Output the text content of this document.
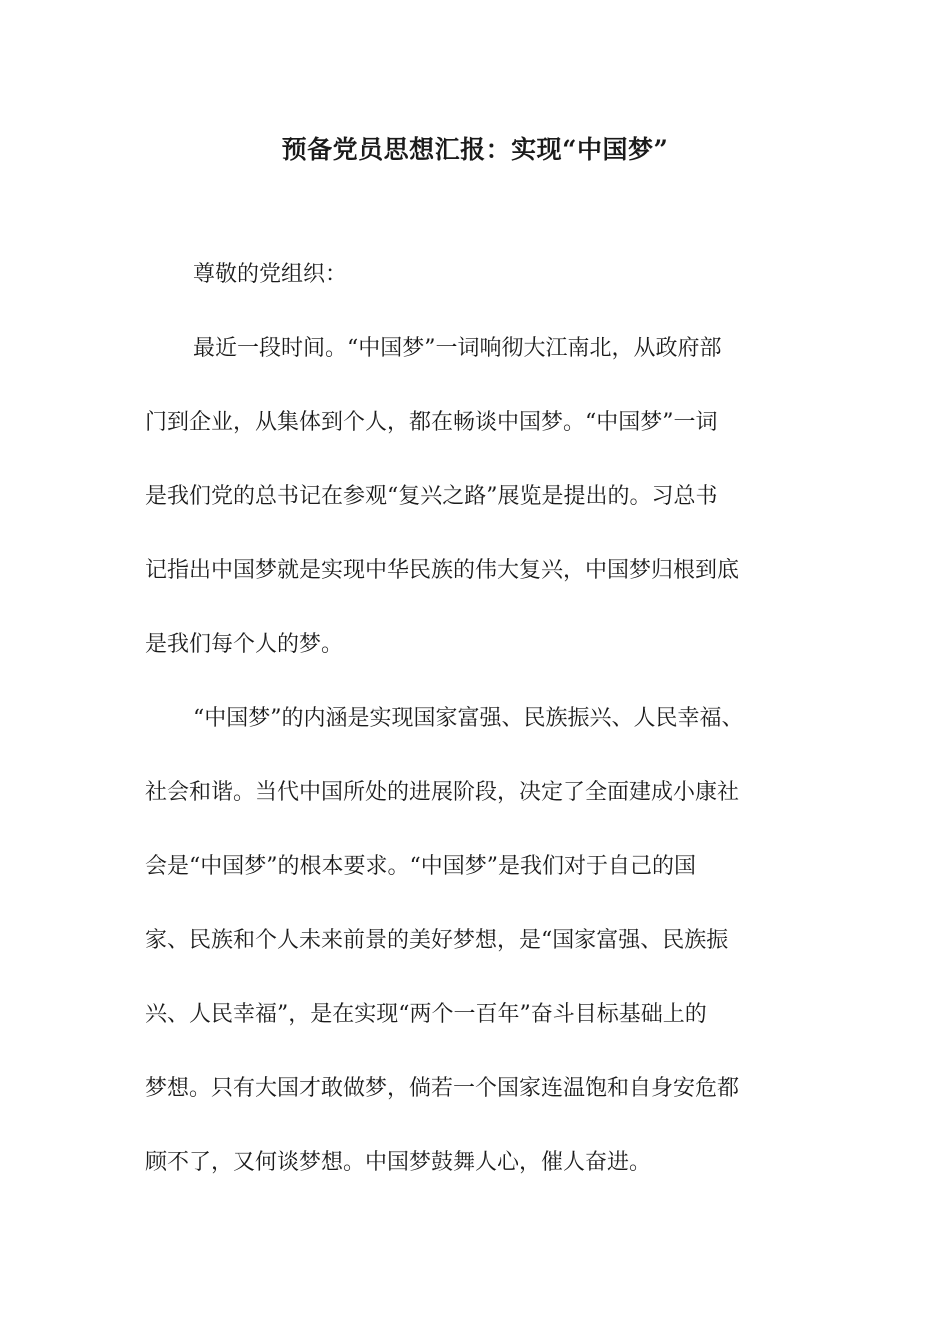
预备党员思想汇报：实现“中国梦”
尊敬的党组织：
最近一段时间。“中国梦”一词响彻大江南北，从政府部
门到企业，从集体到个人，都在畅谈中国梦。“中国梦”一词
是我们党的总书记在参观“复兴之路”展览是提出的。习总书
记指出中国梦就是实现中华民族的伟大复兴，中国梦归根到底
是我们每个人的梦。
“中国梦”的内涵是实现国家富强、民族振兴、人民幸福、
社会和谐。当代中国所处的进展阶段，决定了全面建成小康社
会是“中国梦”的根本要求。“中国梦”是我们对于自己的国
家、民族和个人未来前景的美好梦想，是“国家富强、民族振
兴、人民幸福”，是在实现“两个一百年”奋斗目标基础上的
梦想。只有大国才敢做梦，倘若一个国家连温饱和自身安危都
顾不了，又何谈梦想。中国梦鼓舞人心，催人奋进。
